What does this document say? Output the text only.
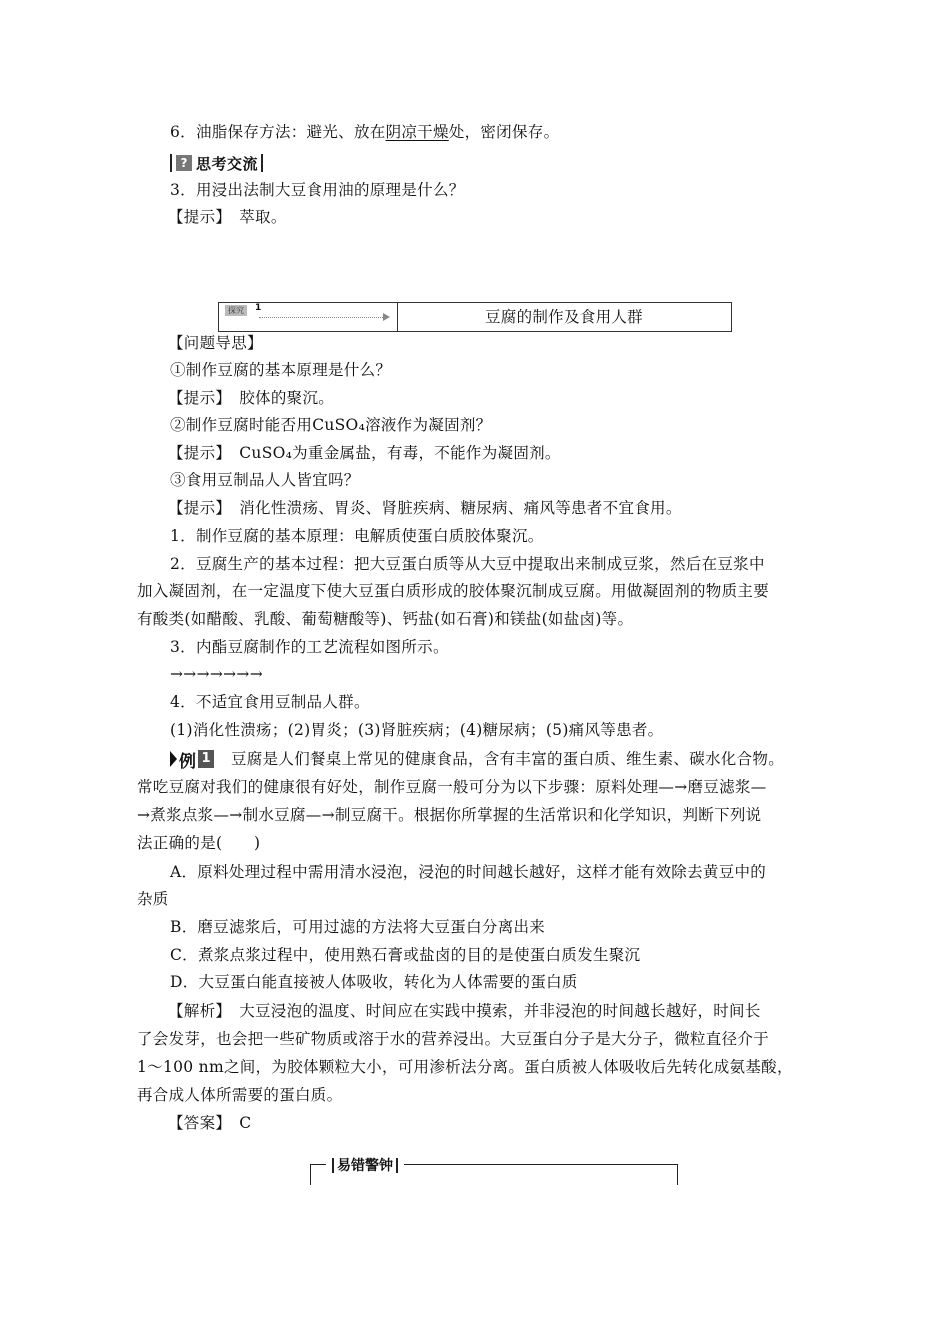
6．油脂保存方法：避光、放在阴凉干燥处，密闭保存。
? 思考交流
3．用浸出法制大豆食用油的原理是什么？
【提示】　萃取。
探究	1	豆腐的制作及食用人群
【问题导思】
①制作豆腐的基本原理是什么？
【提示】　胶体的聚沉。
②制作豆腐时能否用CuSO₄溶液作为凝固剂？
【提示】　CuSO₄为重金属盐，有毒，不能作为凝固剂。
③食用豆制品人人皆宜吗？
【提示】　消化性溃疡、胃炎、肾脏疾病、糖尿病、痛风等患者不宜食用。
1．制作豆腐的基本原理：电解质使蛋白质胶体聚沉。
2．豆腐生产的基本过程：把大豆蛋白质等从大豆中提取出来制成豆浆，然后在豆浆中
加入凝固剂，在一定温度下使大豆蛋白质形成的胶体聚沉制成豆腐。用做凝固剂的物质主要
有酸类(如醋酸、乳酸、葡萄糖酸等)、钙盐(如石膏)和镁盐(如盐卤)等。
3．内酯豆腐制作的工艺流程如图所示。
→→→→→→→
4．不适宜食用豆制品人群。
(1)消化性溃疡；(2)胃炎；(3)肾脏疾病；(4)糖尿病；(5)痛风等患者。
例 1 豆腐是人们餐桌上常见的健康食品，含有丰富的蛋白质、维生素、碳水化合物。
常吃豆腐对我们的健康很有好处，制作豆腐一般可分为以下步骤：原料处理—→磨豆滤浆—
→煮浆点浆—→制水豆腐—→制豆腐干。根据你所掌握的生活常识和化学知识，判断下列说
法正确的是(　　)
A．原料处理过程中需用清水浸泡，浸泡的时间越长越好，这样才能有效除去黄豆中的
杂质
B．磨豆滤浆后，可用过滤的方法将大豆蛋白分离出来
C．煮浆点浆过程中，使用熟石膏或盐卤的目的是使蛋白质发生聚沉
D．大豆蛋白能直接被人体吸收，转化为人体需要的蛋白质
【解析】　大豆浸泡的温度、时间应在实践中摸索，并非浸泡的时间越长越好，时间长
了会发芽，也会把一些矿物质或溶于水的营养浸出。大豆蛋白分子是大分子，微粒直径介于
1～100 nm之间，为胶体颗粒大小，可用渗析法分离。蛋白质被人体吸收后先转化成氨基酸，
再合成人体所需要的蛋白质。
【答案】　C
易错警钟
